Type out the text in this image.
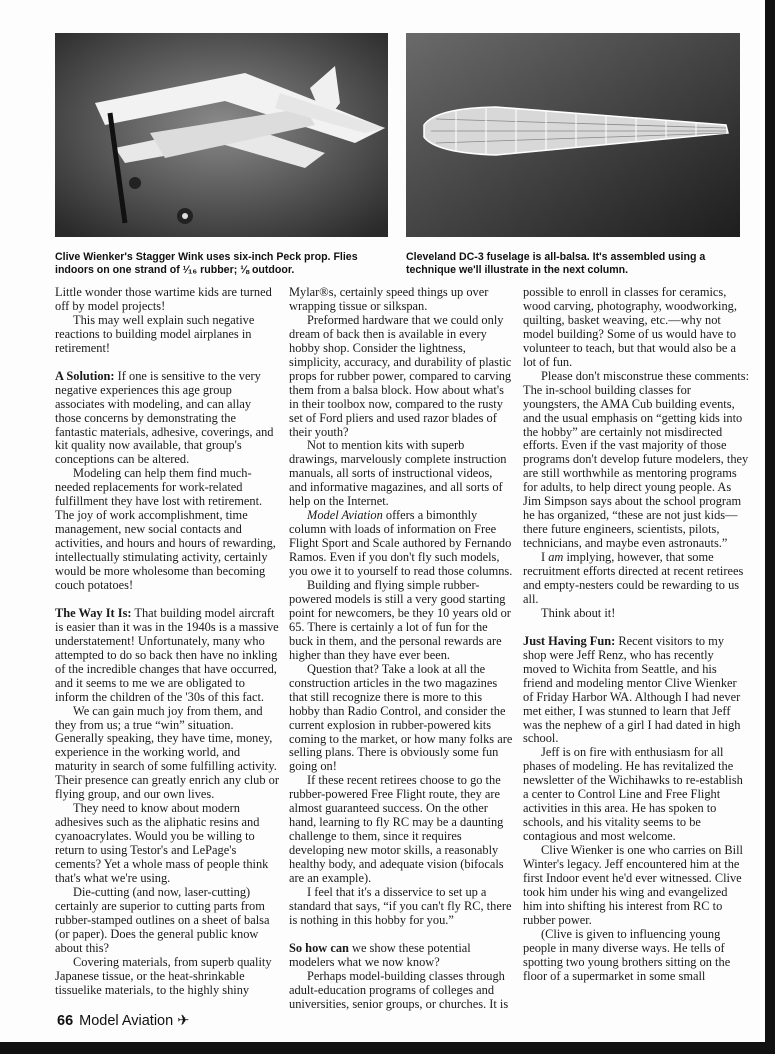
Clive Wienker's Stagger Wink uses six-inch Peck prop. Flies indoors on one strand of ¹⁄₁₆ rubber; ⅛ outdoor.
Cleveland DC-3 fuselage is all-balsa. It's assembled using a technique we'll illustrate in the next column.

Little wonder those wartime kids are turned off by model projects!

This may well explain such negative reactions to building model airplanes in retirement!

A Solution: If one is sensitive to the very negative experiences this age group associates with modeling, and can allay those concerns by demonstrating the fantastic materials, adhesive, coverings, and kit quality now available, that group's conceptions can be altered.

Modeling can help them find much-needed replacements for work-related fulfillment they have lost with retirement. The joy of work accomplishment, time management, new social contacts and activities, and hours and hours of rewarding, intellectually stimulating activity, certainly would be more wholesome than becoming couch potatoes!

The Way It Is: That building model aircraft is easier than it was in the 1940s is a massive understatement! Unfortunately, many who attempted to do so back then have no inkling of the incredible changes that have occurred, and it seems to me we are obligated to inform the children of the '30s of this fact.

We can gain much joy from them, and they from us; a true “win” situation. Generally speaking, they have time, money, experience in the working world, and maturity in search of some fulfilling activity. Their presence can greatly enrich any club or flying group, and our own lives.

They need to know about modern adhesives such as the aliphatic resins and cyanoacrylates. Would you be willing to return to using Testor's and LePage's cements? Yet a whole mass of people think that's what we're using.

Die-cutting (and now, laser-cutting) certainly are superior to cutting parts from rubber-stamped outlines on a sheet of balsa (or paper). Does the general public know about this?

Covering materials, from superb quality Japanese tissue, or the heat-shrinkable tissuelike materials, to the highly shiny

Mylar®s, certainly speed things up over wrapping tissue or silkspan.

Preformed hardware that we could only dream of back then is available in every hobby shop. Consider the lightness, simplicity, accuracy, and durability of plastic props for rubber power, compared to carving them from a balsa block. How about what's in their toolbox now, compared to the rusty set of Ford pliers and used razor blades of their youth?

Not to mention kits with superb drawings, marvelously complete instruction manuals, all sorts of instructional videos, and informative magazines, and all sorts of help on the Internet.

Model Aviation offers a bimonthly column with loads of information on Free Flight Sport and Scale authored by Fernando Ramos. Even if you don't fly such models, you owe it to yourself to read those columns.

Building and flying simple rubber-powered models is still a very good starting point for newcomers, be they 10 years old or 65. There is certainly a lot of fun for the buck in them, and the personal rewards are higher than they have ever been.

Question that? Take a look at all the construction articles in the two magazines that still recognize there is more to this hobby than Radio Control, and consider the current explosion in rubber-powered kits coming to the market, or how many folks are selling plans. There is obviously some fun going on!

If these recent retirees choose to go the rubber-powered Free Flight route, they are almost guaranteed success. On the other hand, learning to fly RC may be a daunting challenge to them, since it requires developing new motor skills, a reasonably healthy body, and adequate vision (bifocals are an example).

I feel that it's a disservice to set up a standard that says, “if you can't fly RC, there is nothing in this hobby for you.”

So how can we show these potential modelers what we now know?

Perhaps model-building classes through adult-education programs of colleges and universities, senior groups, or churches. It is

possible to enroll in classes for ceramics, wood carving, photography, woodworking, quilting, basket weaving, etc.—why not model building? Some of us would have to volunteer to teach, but that would also be a lot of fun.

Please don't misconstrue these comments: The in-school building classes for youngsters, the AMA Cub building events, and the usual emphasis on “getting kids into the hobby” are certainly not misdirected efforts. Even if the vast majority of those programs don't develop future modelers, they are still worthwhile as mentoring programs for adults, to help direct young people. As Jim Simpson says about the school program he has organized, “these are not just kids—there future engineers, scientists, pilots, technicians, and maybe even astronauts.”

I am implying, however, that some recruitment efforts directed at recent retirees and empty-nesters could be rewarding to us all.

Think about it!

Just Having Fun: Recent visitors to my shop were Jeff Renz, who has recently moved to Wichita from Seattle, and his friend and modeling mentor Clive Wienker of Friday Harbor WA. Although I had never met either, I was stunned to learn that Jeff was the nephew of a girl I had dated in high school.

Jeff is on fire with enthusiasm for all phases of modeling. He has revitalized the newsletter of the Wichihawks to re-establish a center to Control Line and Free Flight activities in this area. He has spoken to schools, and his vitality seems to be contagious and most welcome.

Clive Wienker is one who carries on Bill Winter's legacy. Jeff encountered him at the first Indoor event he'd ever witnessed. Clive took him under his wing and evangelized him into shifting his interest from RC to rubber power.

(Clive is given to influencing young people in many diverse ways. He tells of spotting two young brothers sitting on the floor of a supermarket in some small

66 Model Aviation ✈
